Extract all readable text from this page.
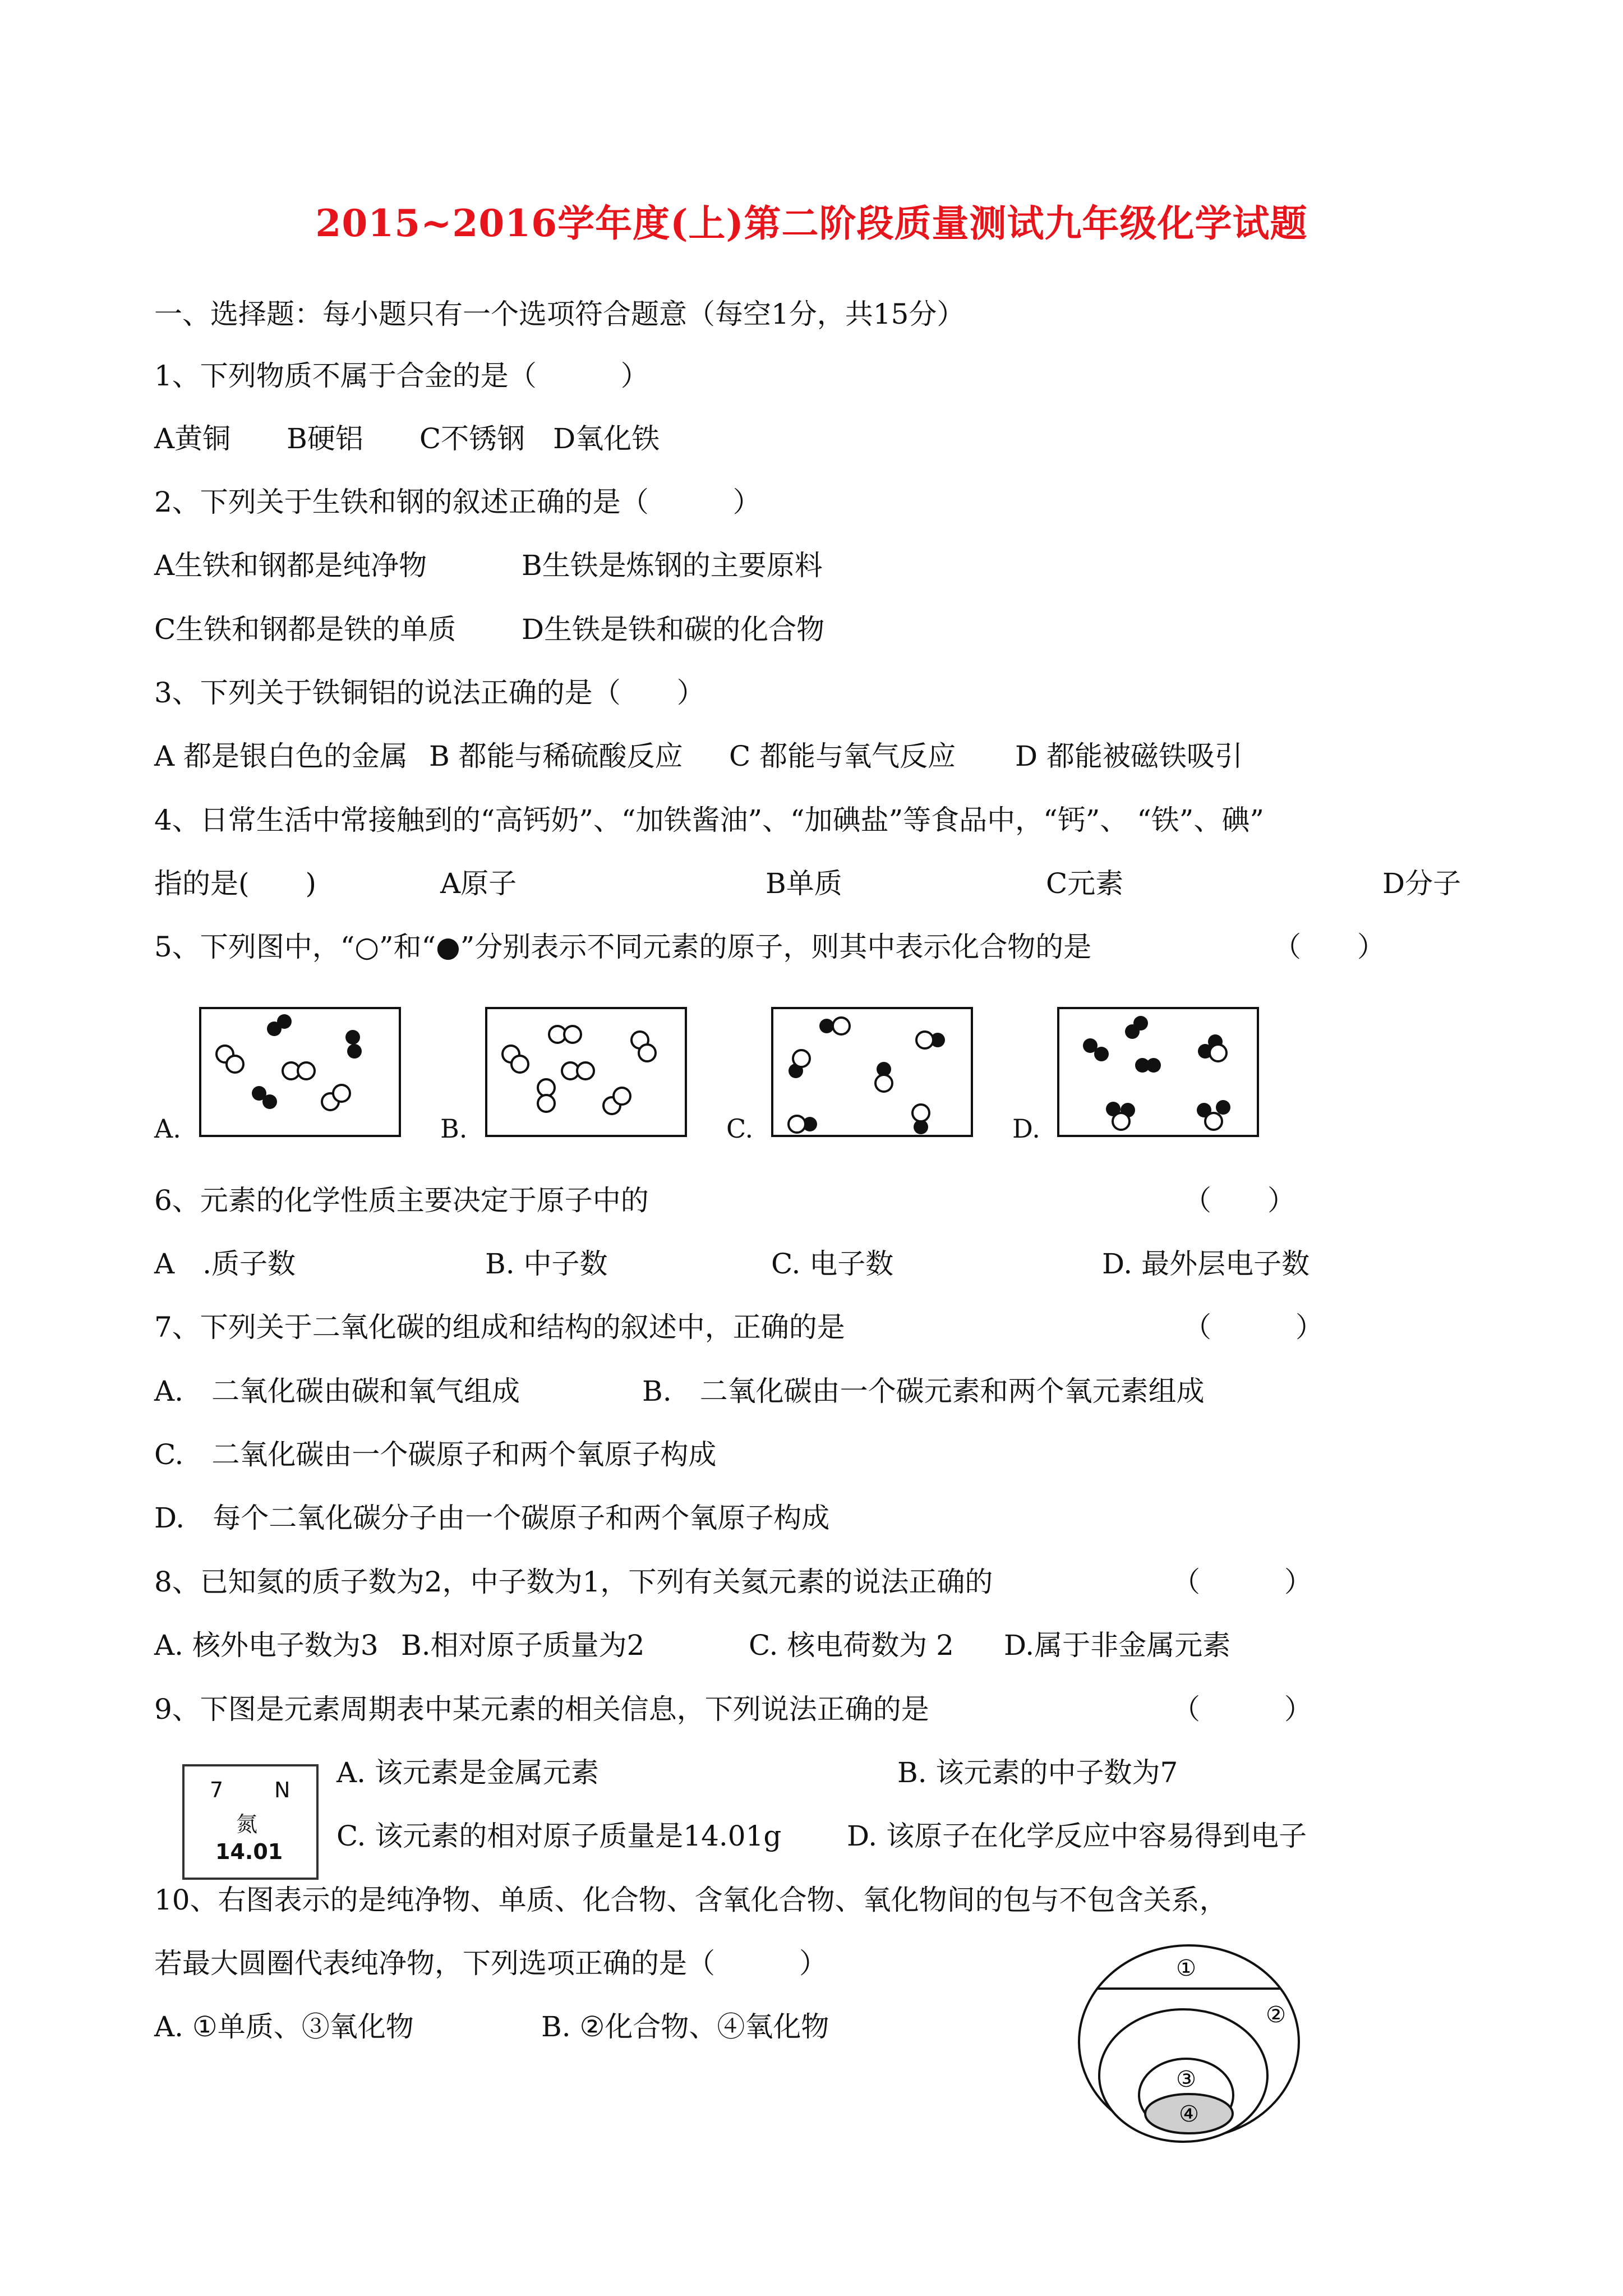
2015~2016学年度(上)第二阶段质量测试九年级化学试题
一、选择题：每小题只有一个选项符合题意（每空1分，共15分）
1、下列物质不属于合金的是（　　　）
A黄铜　　B硬铝　　C不锈钢　D氧化铁
2、下列关于生铁和钢的叙述正确的是（　　　）
A生铁和钢都是纯净物	B生铁是炼钢的主要原料
C生铁和钢都是铁的单质 D生铁是铁和碳的化合物
3、下列关于铁铜铝的说法正确的是（　　）
A 都是银白色的金属 B 都能与稀硫酸反应 C 都能与氧气反应 D 都能被磁铁吸引
4、日常生活中常接触到的“高钙奶”、“加铁酱油”、“加碘盐”等食品中，“钙”、 “铁”、碘”
指的是(　　)	A原子	B单质	C元素	D分子
5、下列图中，“○”和“●”分别表示不同元素的原子，则其中表示化合物的是	（　　）
A.	B.	C.	D.
6、元素的化学性质主要决定于原子中的	（　　）
A　.质子数	B. 中子数	C. 电子数	D. 最外层电子数
7、下列关于二氧化碳的组成和结构的叙述中，正确的是	（　　　）
A.　二氧化碳由碳和氧气组成	B.　二氧化碳由一个碳元素和两个氧元素组成
C.　二氧化碳由一个碳原子和两个氧原子构成
D.　每个二氧化碳分子由一个碳原子和两个氧原子构成
8、已知氦的质子数为2，中子数为1，下列有关氦元素的说法正确的	（　　　）
A. 核外电子数为3 B.相对原子质量为2	C. 核电荷数为 2 D.属于非金属元素
9、下图是元素周期表中某元素的相关信息，下列说法正确的是	（　　　）
7 N
氮
14.01
A. 该元素是金属元素	B. 该元素的中子数为7
C. 该元素的相对原子质量是14.01g D. 该原子在化学反应中容易得到电子
10、右图表示的是纯净物、单质、化合物、含氧化合物、氧化物间的包与不包含关系，
若最大圆圈代表纯净物，下列选项正确的是（　　　）
A. ①单质、③氧化物	B. ②化合物、④氧化物
①
②
③
④
